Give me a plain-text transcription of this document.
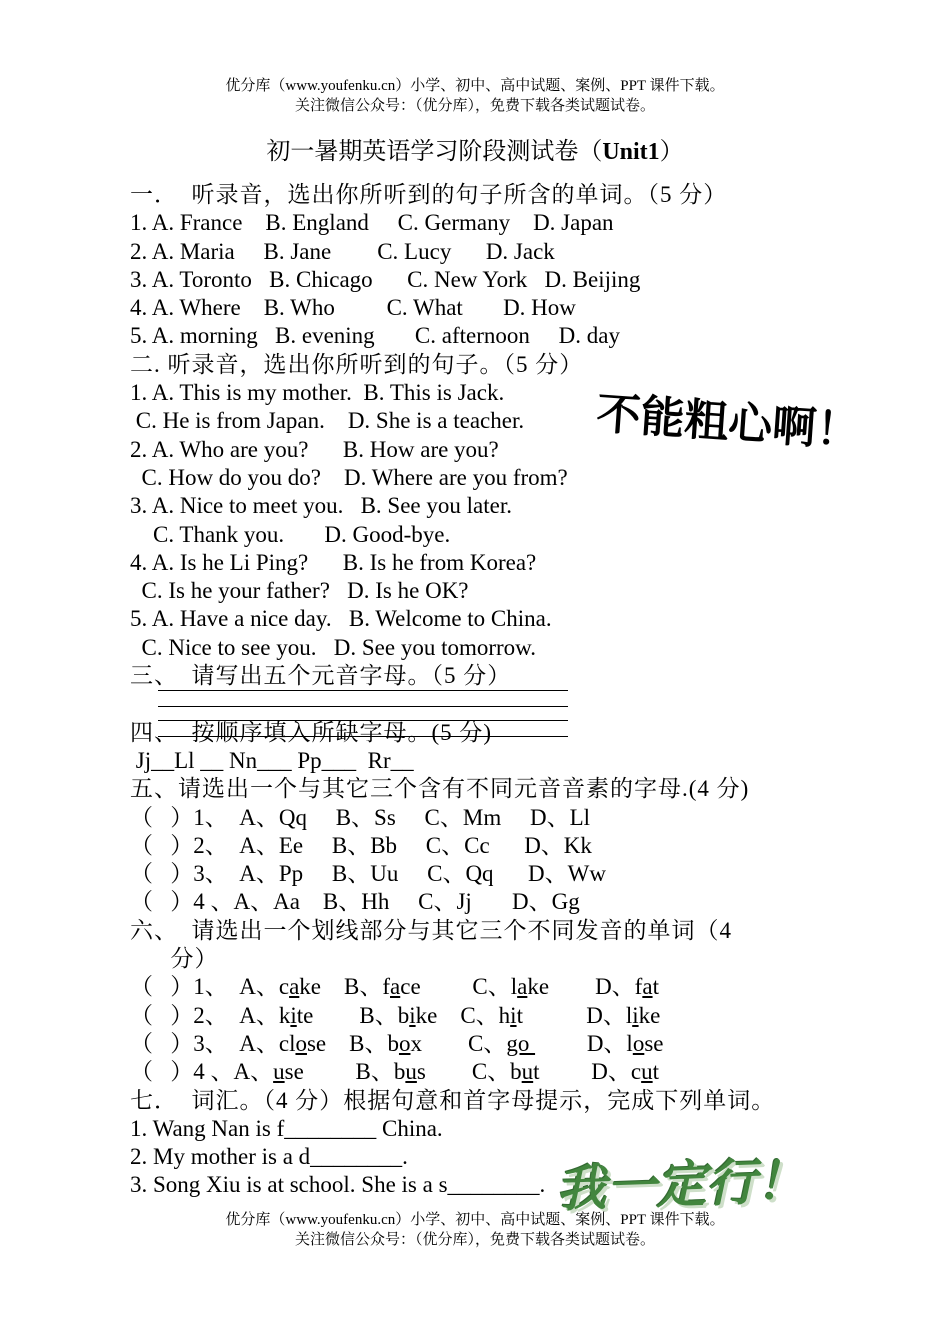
优分库（www.youfenku.cn）小学、初中、高中试题、案例、PPT 课件下载。
关注微信公众号：（优分库），免费下载各类试题试卷。
初一暑期英语学习阶段测试卷（Unit1）
一．  听录音，选出你所听到的句子所含的单词。（5 分）
1. A. France    B. England     C. Germany    D. Japan
2. A. Maria     B. Jane        C. Lucy      D. Jack
3. A. Toronto   B. Chicago      C. New York   D. Beijing
4. A. Where    B. Who         C. What       D. How
5. A. morning   B. evening       C. afternoon     D. day
二. 听录音，选出你所听到的句子。（5 分）
1. A. This is my mother.  B. This is Jack.
C. He is from Japan.    D. She is a teacher.
2. A. Who are you?      B. How are you?
C. How do you do?    D. Where are you from?
3. A. Nice to meet you.   B. See you later.
C. Thank you.       D. Good-bye.
4. A. Is he Li Ping?      B. Is he from Korea?
C. Is he your father?   D. Is he OK?
5. A. Have a nice day.   B. Welcome to China.
C. Nice to see you.   D. See you tomorrow.
三、  请写出五个元音字母。（5 分）
四、  按顺序填入所缺字母。(5 分)
Jj__Ll __ Nn___ Pp___  Rr__
五、请选出一个与其它三个含有不同元音音素的字母.(4 分)
（   ）1、  A、Qq     B、Ss     C、Mm     D、Ll
（   ）2、  A、Ee     B、Bb     C、Cc      D、Kk
（   ）3、  A、Pp     B、Uu     C、Qq      D、Ww
（   ）4 、A、Aa    B、Hh     C、Jj       D、Gg
六、  请选出一个划线部分与其它三个不同发音的单词（4
分）
（   ）1、  A、cake    B、face         C、lake        D、fat
（   ）2、  A、kite        B、bike    C、hit           D、like
（   ）3、  A、close    B、box        C、go          D、lose
（   ）4 、A、use         B、bus        C、but         D、cut
七．  词汇。（4 分）根据句意和首字母提示，完成下列单词。
1. Wang Nan is f________ China.
2. My mother is a d________.
3. Song Xiu is at school. She is a s________.
不能粗心啊！
我一定行！
优分库（www.youfenku.cn）小学、初中、高中试题、案例、PPT 课件下载。
关注微信公众号：（优分库），免费下载各类试题试卷。
